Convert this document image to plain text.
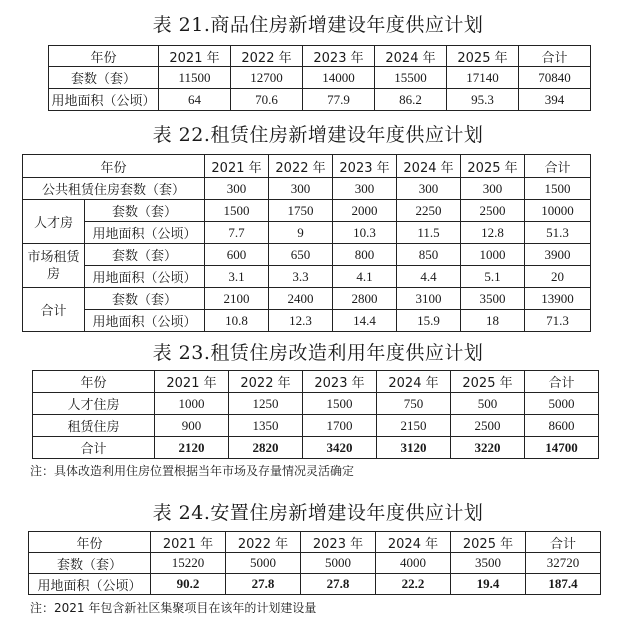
表 21.商品住房新增建设年度供应计划
年份	2021 年	2022 年	2023 年	2024 年	2025 年	合计
套数（套）	11500	12700	14000	15500	17140	70840
用地面积（公顷）	64	70.6	77.9	86.2	95.3	394
表 22.租赁住房新增建设年度供应计划
年份		2021 年	2022 年	2023 年	2024 年	2025 年	合计
公共租赁住房套数（套）		300	300	300	300	300	1500
人才房	套数（套）	1500	1750	2000	2250	2500	10000
	用地面积（公顷）	7.7	9	10.3	11.5	12.8	51.3
市场租赁房	套数（套）	600	650	800	850	1000	3900
	用地面积（公顷）	3.1	3.3	4.1	4.4	5.1	20
合计	套数（套）	2100	2400	2800	3100	3500	13900
	用地面积（公顷）	10.8	12.3	14.4	15.9	18	71.3
表 23.租赁住房改造利用年度供应计划
年份	2021 年	2022 年	2023 年	2024 年	2025 年	合计
人才住房	1000	1250	1500	750	500	5000
租赁住房	900	1350	1700	2150	2500	8600
合计	2120	2820	3420	3120	3220	14700
注：具体改造利用住房位置根据当年市场及存量情况灵活确定
表 24.安置住房新增建设年度供应计划
年份	2021 年	2022 年	2023 年	2024 年	2025 年	合计
套数（套）	15220	5000	5000	4000	3500	32720
用地面积（公顷）	90.2	27.8	27.8	22.2	19.4	187.4
注：2021 年包含新社区集聚项目在该年的计划建设量
